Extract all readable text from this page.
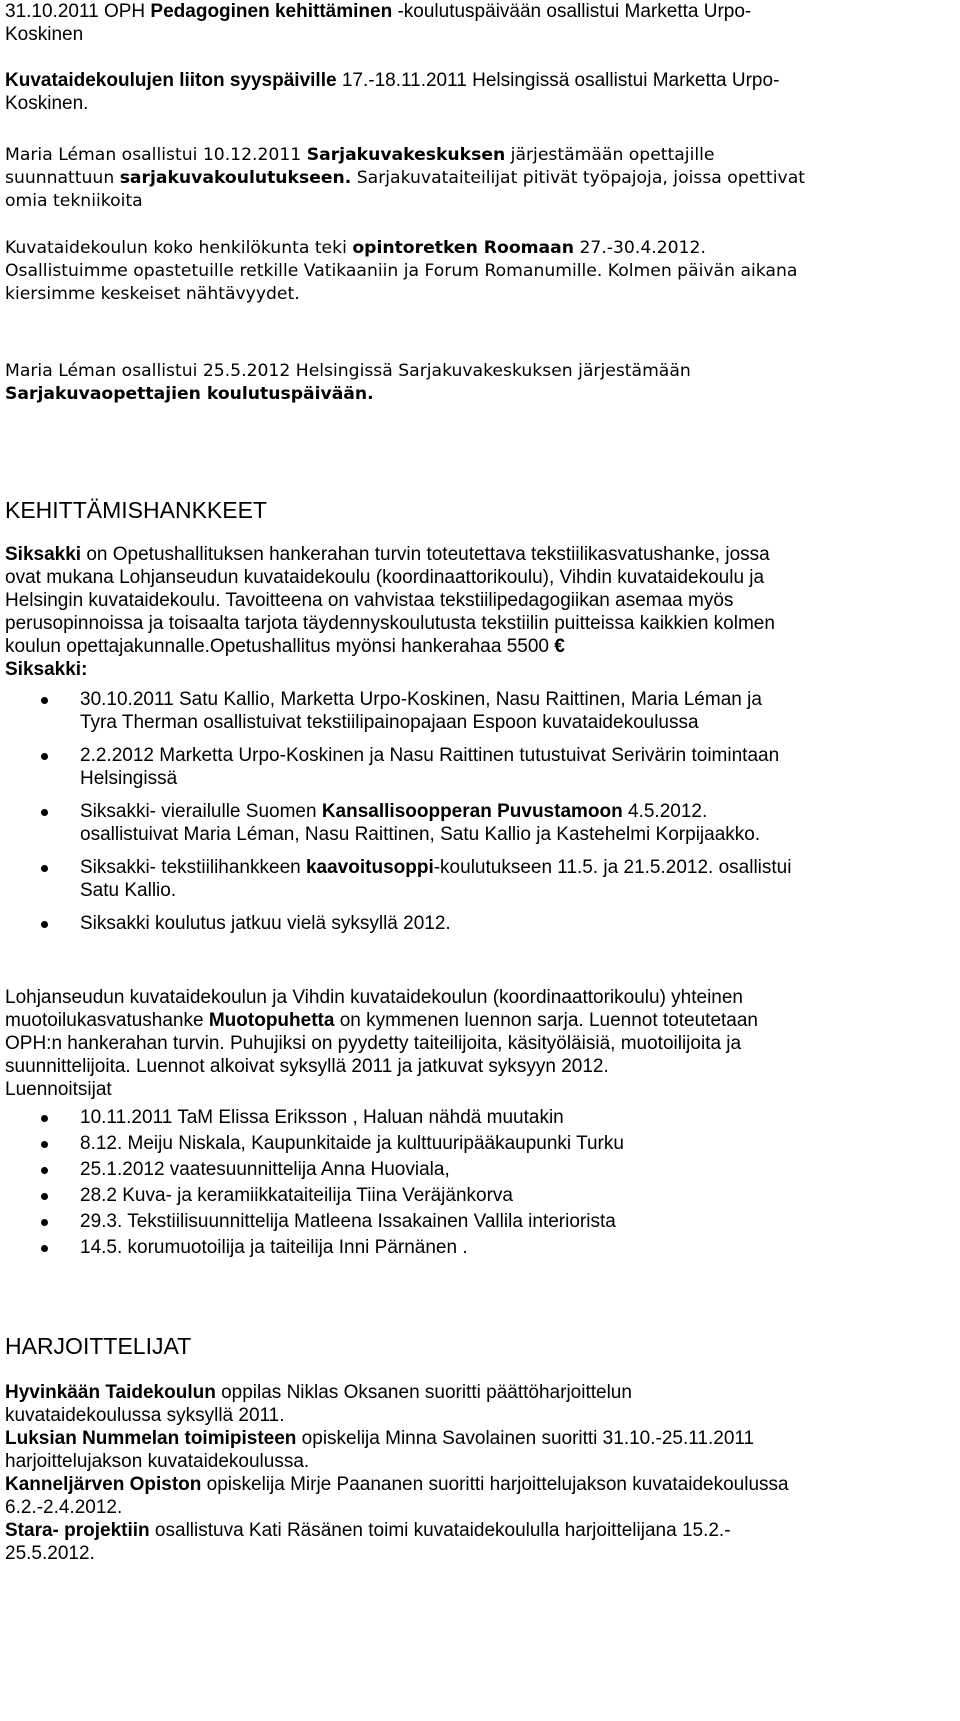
31.10.2011 OPH Pedagoginen kehittäminen -koulutuspäivään osallistui Marketta Urpo-
Koskinen

Kuvataidekoulujen liiton syyspäiville 17.-18.11.2011 Helsingissä osallistui Marketta Urpo-
Koskinen.

Maria Léman osallistui 10.12.2011 Sarjakuvakeskuksen järjestämään opettajille
suunnattuun sarjakuvakoulutukseen. Sarjakuvataiteilijat pitivät työpajoja, joissa opettivat
omia tekniikoita

Kuvataidekoulun koko henkilökunta teki opintoretken Roomaan 27.-30.4.2012.
Osallistuimme opastetuille retkille Vatikaaniin ja Forum Romanumille. Kolmen päivän aikana
kiersimme keskeiset nähtävyydet.

Maria Léman osallistui 25.5.2012 Helsingissä Sarjakuvakeskuksen järjestämään
Sarjakuvaopettajien koulutuspäivään.

KEHITTÄMISHANKKEET

Siksakki on Opetushallituksen hankerahan turvin toteutettava tekstiilikasvatushanke, jossa
ovat mukana Lohjanseudun kuvataidekoulu (koordinaattorikoulu), Vihdin kuvataidekoulu ja
Helsingin kuvataidekoulu. Tavoitteena on vahvistaa tekstiilipedagogiikan asemaa myös
perusopinnoissa ja toisaalta tarjota täydennyskoulutusta tekstiilin puitteissa kaikkien kolmen
koulun opettajakunnalle.Opetushallitus myönsi hankerahaa 5500 €
Siksakki:

30.10.2011 Satu Kallio, Marketta Urpo-Koskinen, Nasu Raittinen, Maria Léman ja
Tyra Therman osallistuivat tekstiilipainopajaan Espoon kuvataidekoulussa
2.2.2012 Marketta Urpo-Koskinen ja Nasu Raittinen tutustuivat Serivärin toimintaan
Helsingissä
Siksakki- vierailulle Suomen Kansallisoopperan Puvustamoon 4.5.2012.
osallistuivat Maria Léman, Nasu Raittinen, Satu Kallio ja Kastehelmi Korpijaakko.
Siksakki- tekstiilihankkeen kaavoitusoppi-koulutukseen 11.5. ja 21.5.2012. osallistui
Satu Kallio.
Siksakki koulutus jatkuu vielä syksyllä 2012.

Lohjanseudun kuvataidekoulun ja Vihdin kuvataidekoulun (koordinaattorikoulu) yhteinen
muotoilukasvatushanke Muotopuhetta on kymmenen luennon sarja. Luennot toteutetaan
OPH:n hankerahan turvin. Puhujiksi on pyydetty taiteilijoita, käsityöläisiä, muotoilijoita ja
suunnittelijoita. Luennot alkoivat syksyllä 2011 ja jatkuvat syksyyn 2012.
Luennoitsijat

10.11.2011 TaM Elissa Eriksson , Haluan nähdä muutakin
8.12. Meiju Niskala, Kaupunkitaide ja kulttuuripääkaupunki Turku
25.1.2012 vaatesuunnittelija Anna Huoviala,
28.2 Kuva- ja keramiikkataiteilija Tiina Veräjänkorva
29.3. Tekstiilisuunnittelija Matleena Issakainen Vallila interiorista
14.5. korumuotoilija ja taiteilija Inni Pärnänen .

HARJOITTELIJAT

Hyvinkään Taidekoulun oppilas Niklas Oksanen suoritti päättöharjoittelun
kuvataidekoulussa syksyllä 2011.
Luksian Nummelan toimipisteen opiskelija Minna Savolainen suoritti 31.10.-25.11.2011
harjoittelujakson kuvataidekoulussa.
Kanneljärven Opiston opiskelija Mirje Paananen suoritti harjoittelujakson kuvataidekoulussa
6.2.-2.4.2012.
Stara- projektiin osallistuva Kati Räsänen toimi kuvataidekoululla harjoittelijana 15.2.-
25.5.2012.
